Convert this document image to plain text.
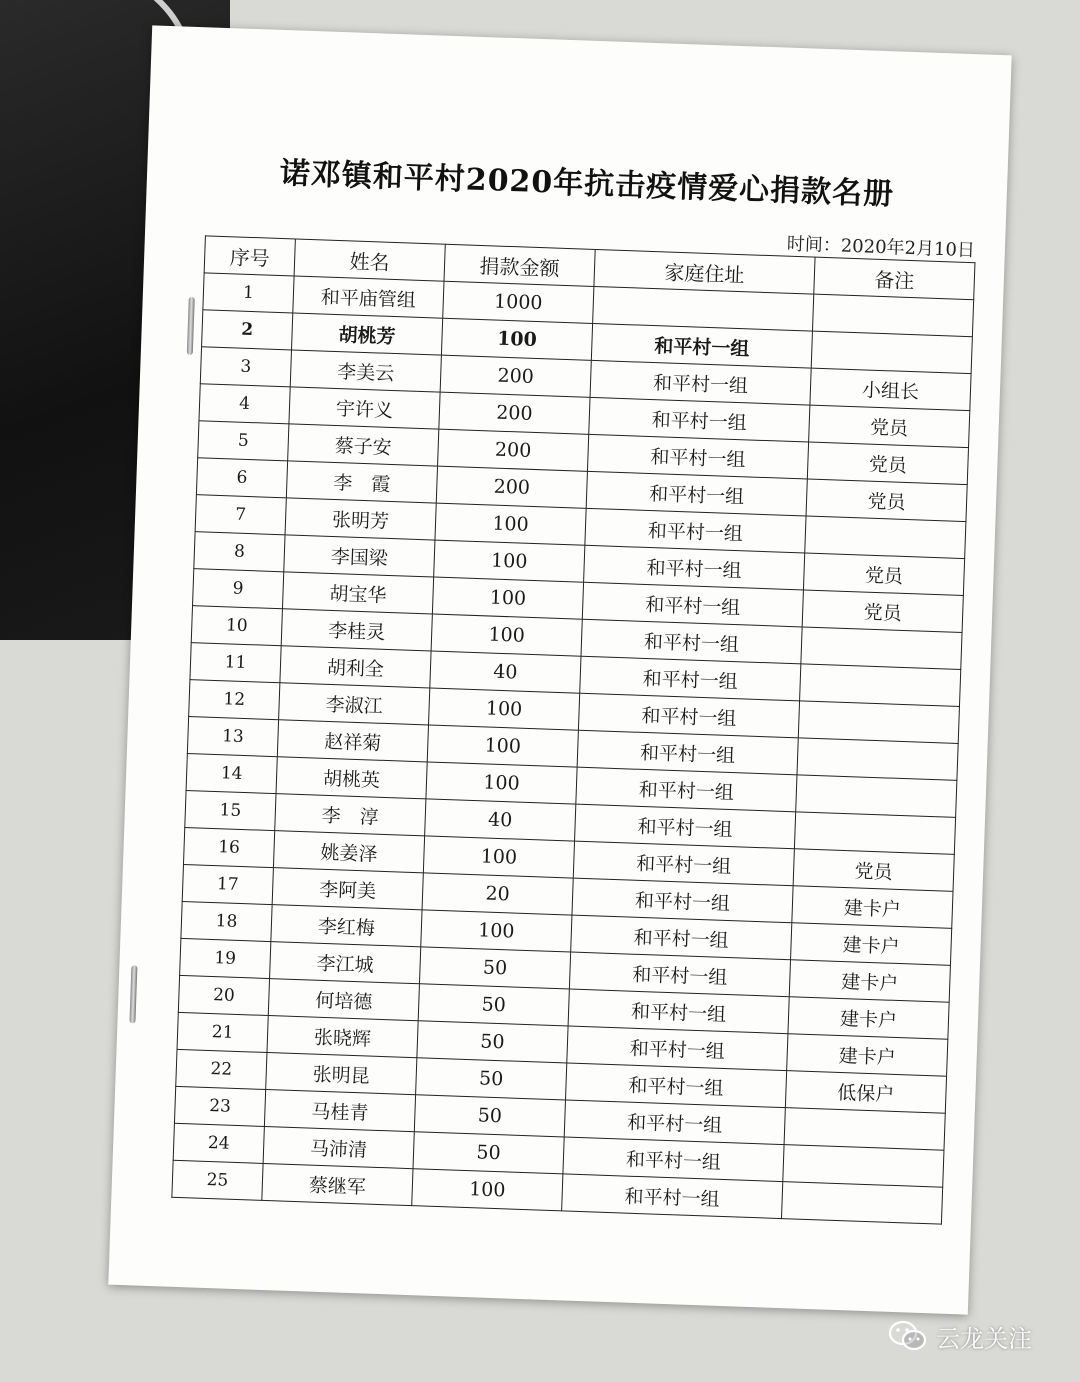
诺邓镇和平村2020年抗击疫情爱心捐款名册
时间：2020年2月10日
序号	姓名	捐款金额	家庭住址	备注
1	和平庙管组	1000		
2	胡桃芳	100	和平村一组	
3	李美云	200	和平村一组	小组长
4	宇许义	200	和平村一组	党员
5	蔡子安	200	和平村一组	党员
6	李　霞	200	和平村一组	党员
7	张明芳	100	和平村一组	
8	李国梁	100	和平村一组	党员
9	胡宝华	100	和平村一组	党员
10	李桂灵	100	和平村一组	
11	胡利全	40	和平村一组	
12	李淑江	100	和平村一组	
13	赵祥菊	100	和平村一组	
14	胡桃英	100	和平村一组	
15	李　淳	40	和平村一组	
16	姚姜泽	100	和平村一组	党员
17	李阿美	20	和平村一组	建卡户
18	李红梅	100	和平村一组	建卡户
19	李江城	50	和平村一组	建卡户
20	何培德	50	和平村一组	建卡户
21	张晓辉	50	和平村一组	建卡户
22	张明昆	50	和平村一组	低保户
23	马桂青	50	和平村一组	
24	马沛清	50	和平村一组	
25	蔡继军	100	和平村一组	
云龙关注
